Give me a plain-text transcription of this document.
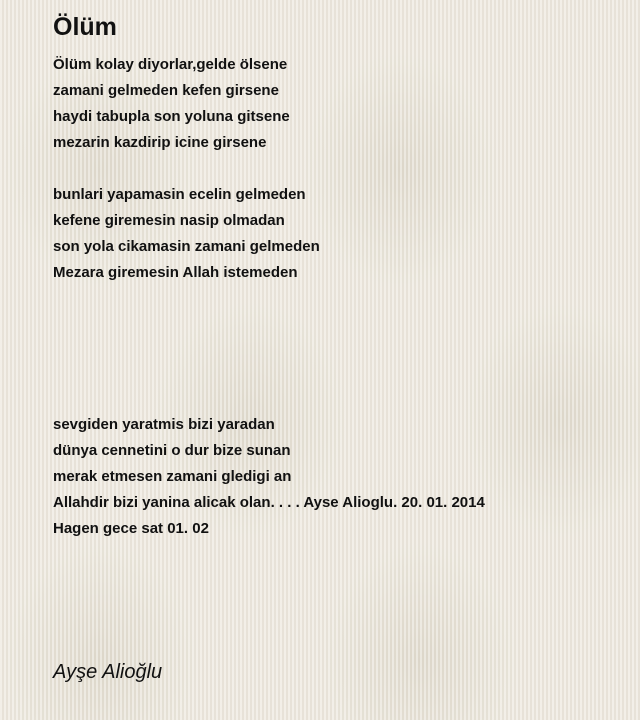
Ölüm
Ölüm kolay diyorlar,gelde ölsene
zamani gelmeden kefen girsene
haydi tabupla son yoluna gitsene
mezarin kazdirip icine girsene
bunlari yapamasin ecelin gelmeden
kefene giremesin nasip olmadan
son yola cikamasin zamani gelmeden
Mezara giremesin Allah istemeden
sevgiden yaratmis bizi yaradan
dünya cennetini o dur bize sunan
merak etmesen zamani gledigi an
Allahdir bizi yanina alicak olan. . . . Ayse Alioglu. 20. 01. 2014
Hagen gece sat 01. 02
Ayşe Alioğlu
